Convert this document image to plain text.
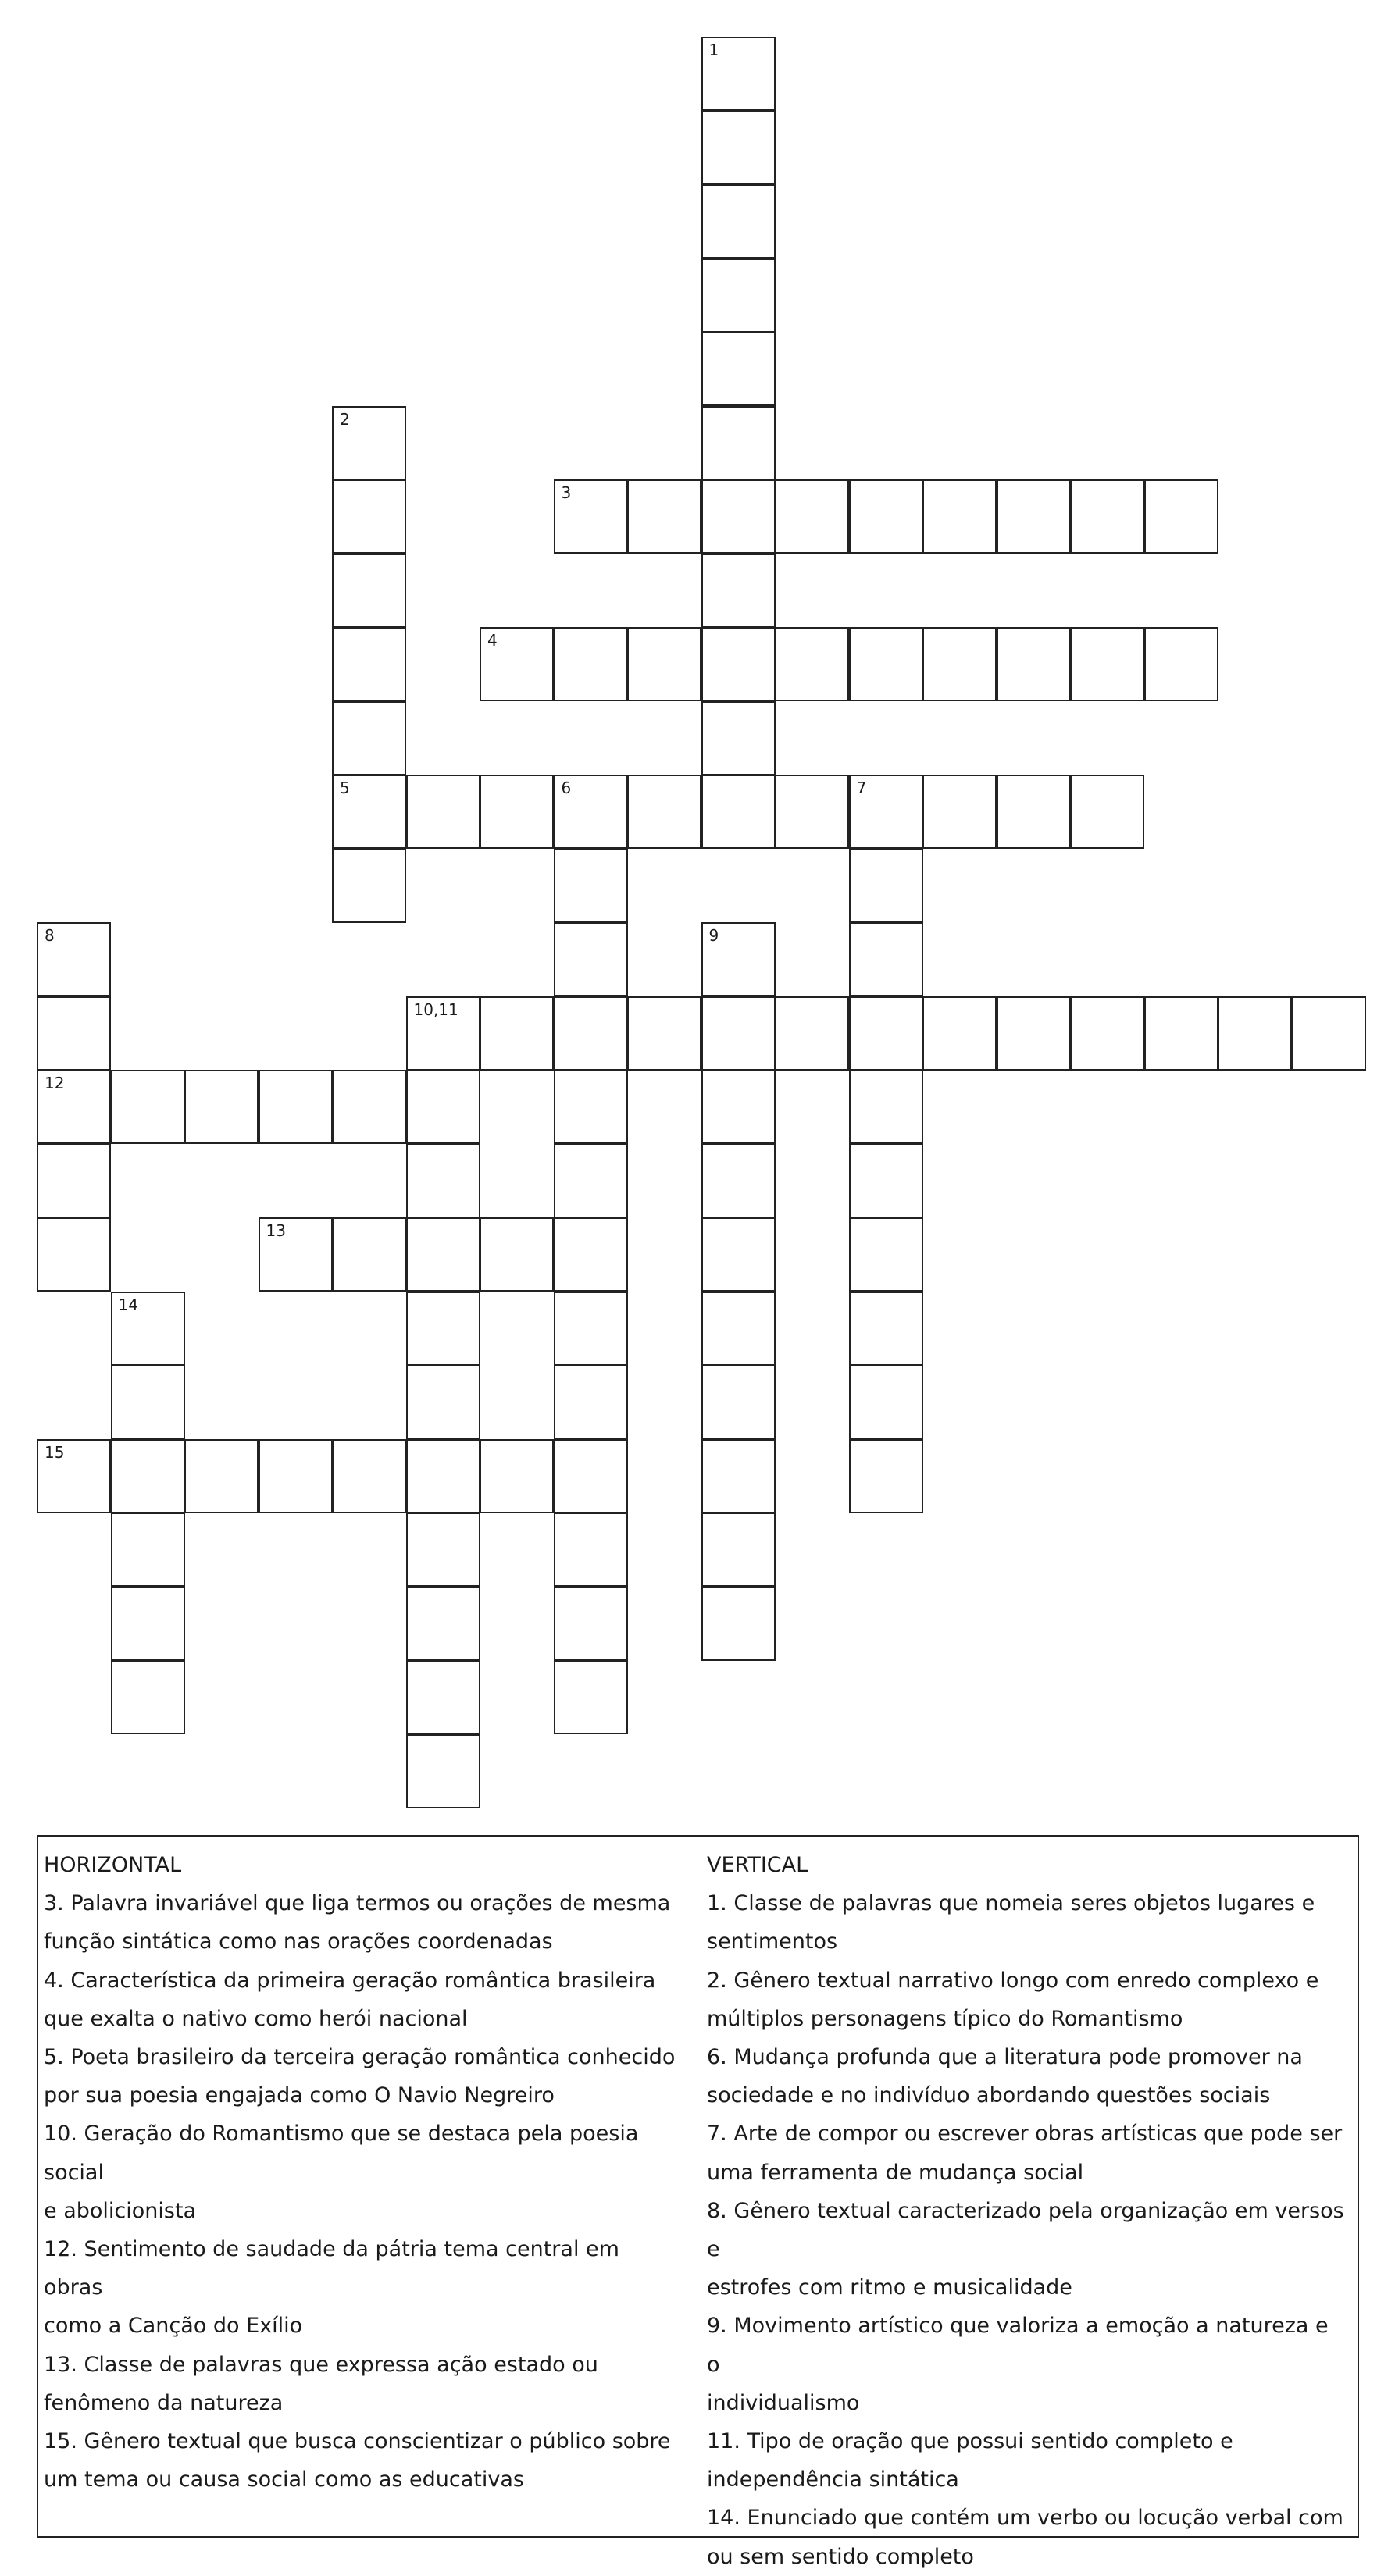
1
2
3
4
6	7
8
12
9
10,11
13
14
15
5
HORIZONTAL
3. Palavra invariável que liga termos ou orações de mesma
função sintática como nas orações coordenadas
4. Característica da primeira geração romântica brasileira
que exalta o nativo como herói nacional
5. Poeta brasileiro da terceira geração romântica conhecido
por sua poesia engajada como O Navio Negreiro
10. Geração do Romantismo que se destaca pela poesia social
e abolicionista
12. Sentimento de saudade da pátria tema central em obras
como a Canção do Exílio
13. Classe de palavras que expressa ação estado ou
fenômeno da natureza
15. Gênero textual que busca conscientizar o público sobre
um tema ou causa social como as educativas
VERTICAL
1. Classe de palavras que nomeia seres objetos lugares e
sentimentos
2. Gênero textual narrativo longo com enredo complexo e
múltiplos personagens típico do Romantismo
6. Mudança profunda que a literatura pode promover na
sociedade e no indivíduo abordando questões sociais
7. Arte de compor ou escrever obras artísticas que pode ser
uma ferramenta de mudança social
8. Gênero textual caracterizado pela organização em versos e
estrofes com ritmo e musicalidade
9. Movimento artístico que valoriza a emoção a natureza e o
individualismo
11. Tipo de oração que possui sentido completo e
independência sintática
14. Enunciado que contém um verbo ou locução verbal com
ou sem sentido completo
